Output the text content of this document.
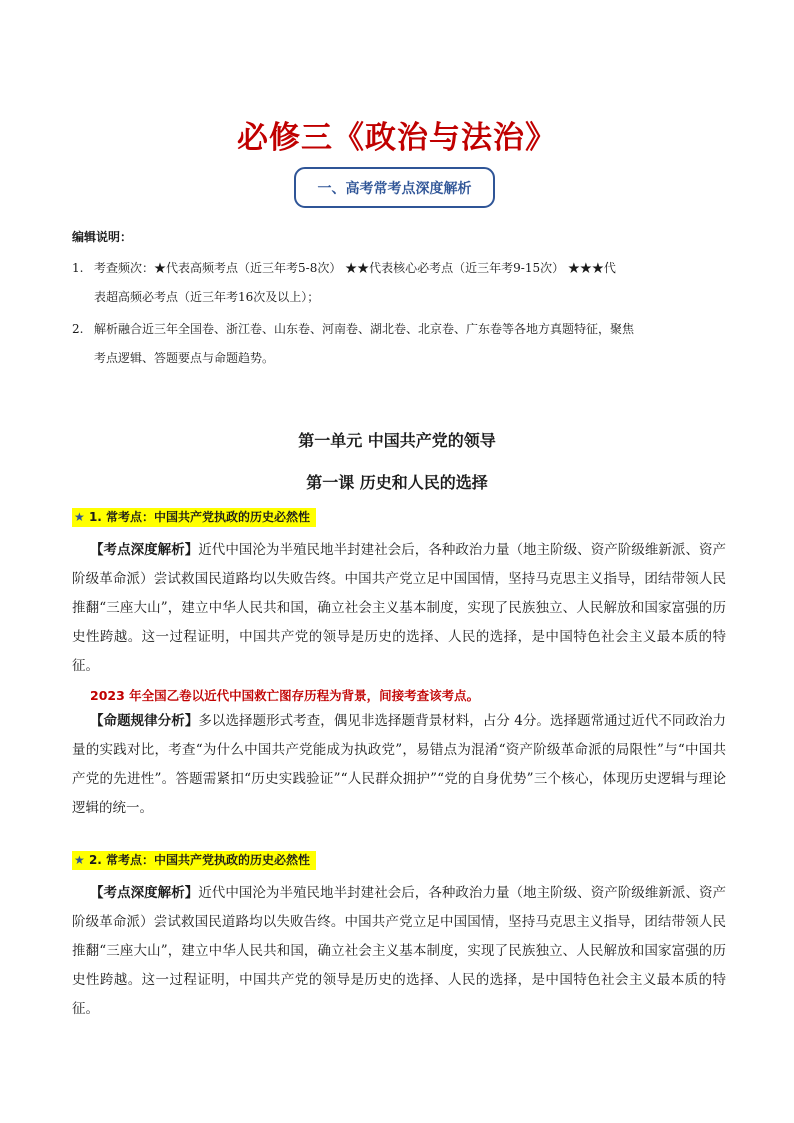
必修三《政治与法治》
一、高考常考点深度解析
编辑说明：
1. 考查频次：★代表高频考点（近三年考5-8次） ★★代表核心必考点（近三年考9-15次） ★★★代
表超高频必考点（近三年考16次及以上）；
2. 解析融合近三年全国卷、浙江卷、山东卷、河南卷、湖北卷、北京卷、广东卷等各地方真题特征，聚焦
考点逻辑、答题要点与命题趋势。
第一单元 中国共产党的领导
第一课 历史和人民的选择
★ 1. 常考点：中国共产党执政的历史必然性
【考点深度解析】近代中国沦为半殖民地半封建社会后，各种政治力量（地主阶级、资产阶级维新派、资产阶级革命派）尝试救国民道路均以失败告终。中国共产党立足中国国情，坚持马克思主义指导，团结带领人民推翻“三座大山”，建立中华人民共和国，确立社会主义基本制度，实现了民族独立、人民解放和国家富强的历史性跨越。这一过程证明，中国共产党的领导是历史的选择、人民的选择，是中国特色社会主义最本质的特征。
2023 年全国乙卷以近代中国救亡图存历程为背景，间接考查该考点。
【命题规律分析】多以选择题形式考查，偶见非选择题背景材料，占分 4分。选择题常通过近代不同政治力量的实践对比，考查“为什么中国共产党能成为执政党”，易错点为混淆“资产阶级革命派的局限性”与“中国共产党的先进性”。答题需紧扣“历史实践验证”“人民群众拥护”“党的自身优势”三个核心，体现历史逻辑与理论逻辑的统一。
★ 2. 常考点：中国共产党执政的历史必然性
【考点深度解析】近代中国沦为半殖民地半封建社会后，各种政治力量（地主阶级、资产阶级维新派、资产阶级革命派）尝试救国民道路均以失败告终。中国共产党立足中国国情，坚持马克思主义指导，团结带领人民推翻“三座大山”，建立中华人民共和国，确立社会主义基本制度，实现了民族独立、人民解放和国家富强的历史性跨越。这一过程证明，中国共产党的领导是历史的选择、人民的选择，是中国特色社会主义最本质的特征。
